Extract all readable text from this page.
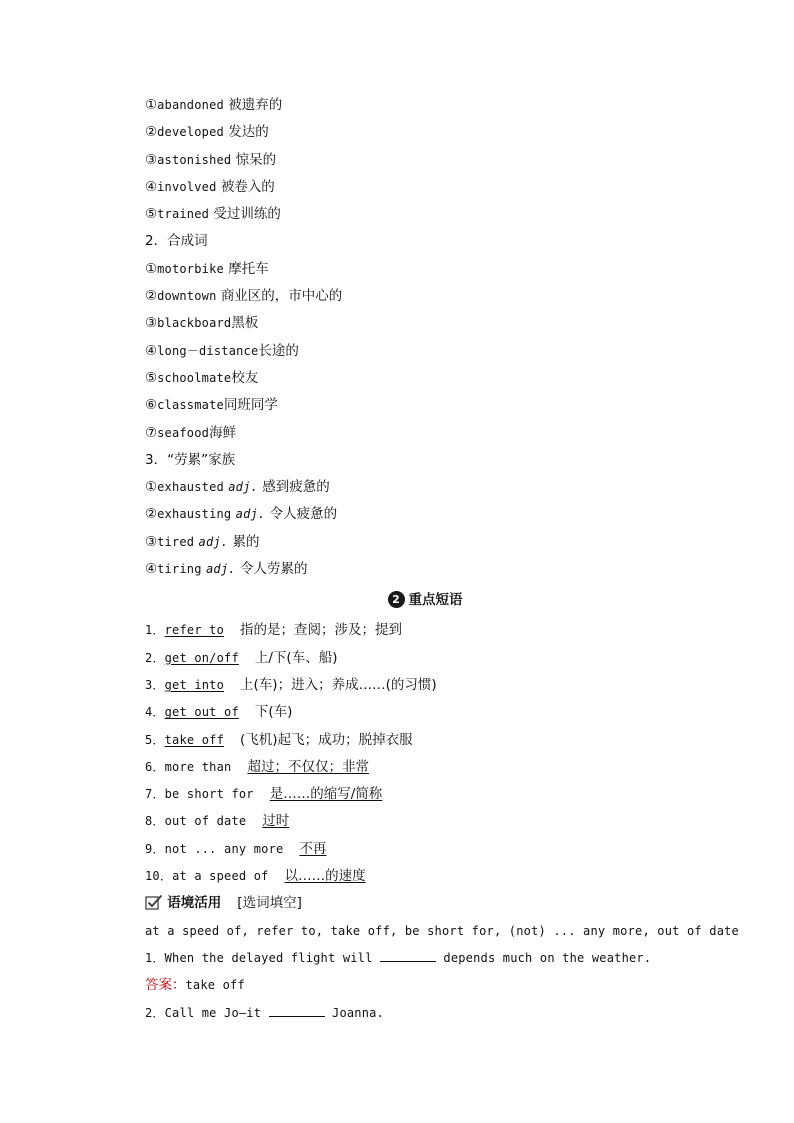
①abandoned 被遗弃的
②developed 发达的
③astonished 惊呆的
④involved 被卷入的
⑤trained 受过训练的
2．合成词
①motorbike 摩托车
②downtown 商业区的，市中心的
③blackboard黑板
④long－distance长途的
⑤schoolmate校友
⑥classmate同班同学
⑦seafood海鲜
3．“劳累”家族
①exhausted adj. 感到疲惫的
②exhausting adj. 令人疲惫的
③tired adj. 累的
④tiring adj. 令人劳累的
2 重点短语
1．refer to 指的是；查阅；涉及；提到
2．get on/off 上/下(车、船)
3．get into 上(车)；进入；养成……(的习惯)
4．get out of 下(车)
5．take off (飞机)起飞；成功；脱掉衣服
6．more than 超过；不仅仅；非常
7．be short for 是……的缩写/简称
8．out of date 过时
9．not ... any more 不再
10．at a speed of 以……的速度
语境活用 [选词填空]
at a speed of, refer to, take off, be short for, (not) ... any more, out of date
1．When the delayed flight will	depends much on the weather.
答案：take off
2．Call me Jo—it	Joanna.
